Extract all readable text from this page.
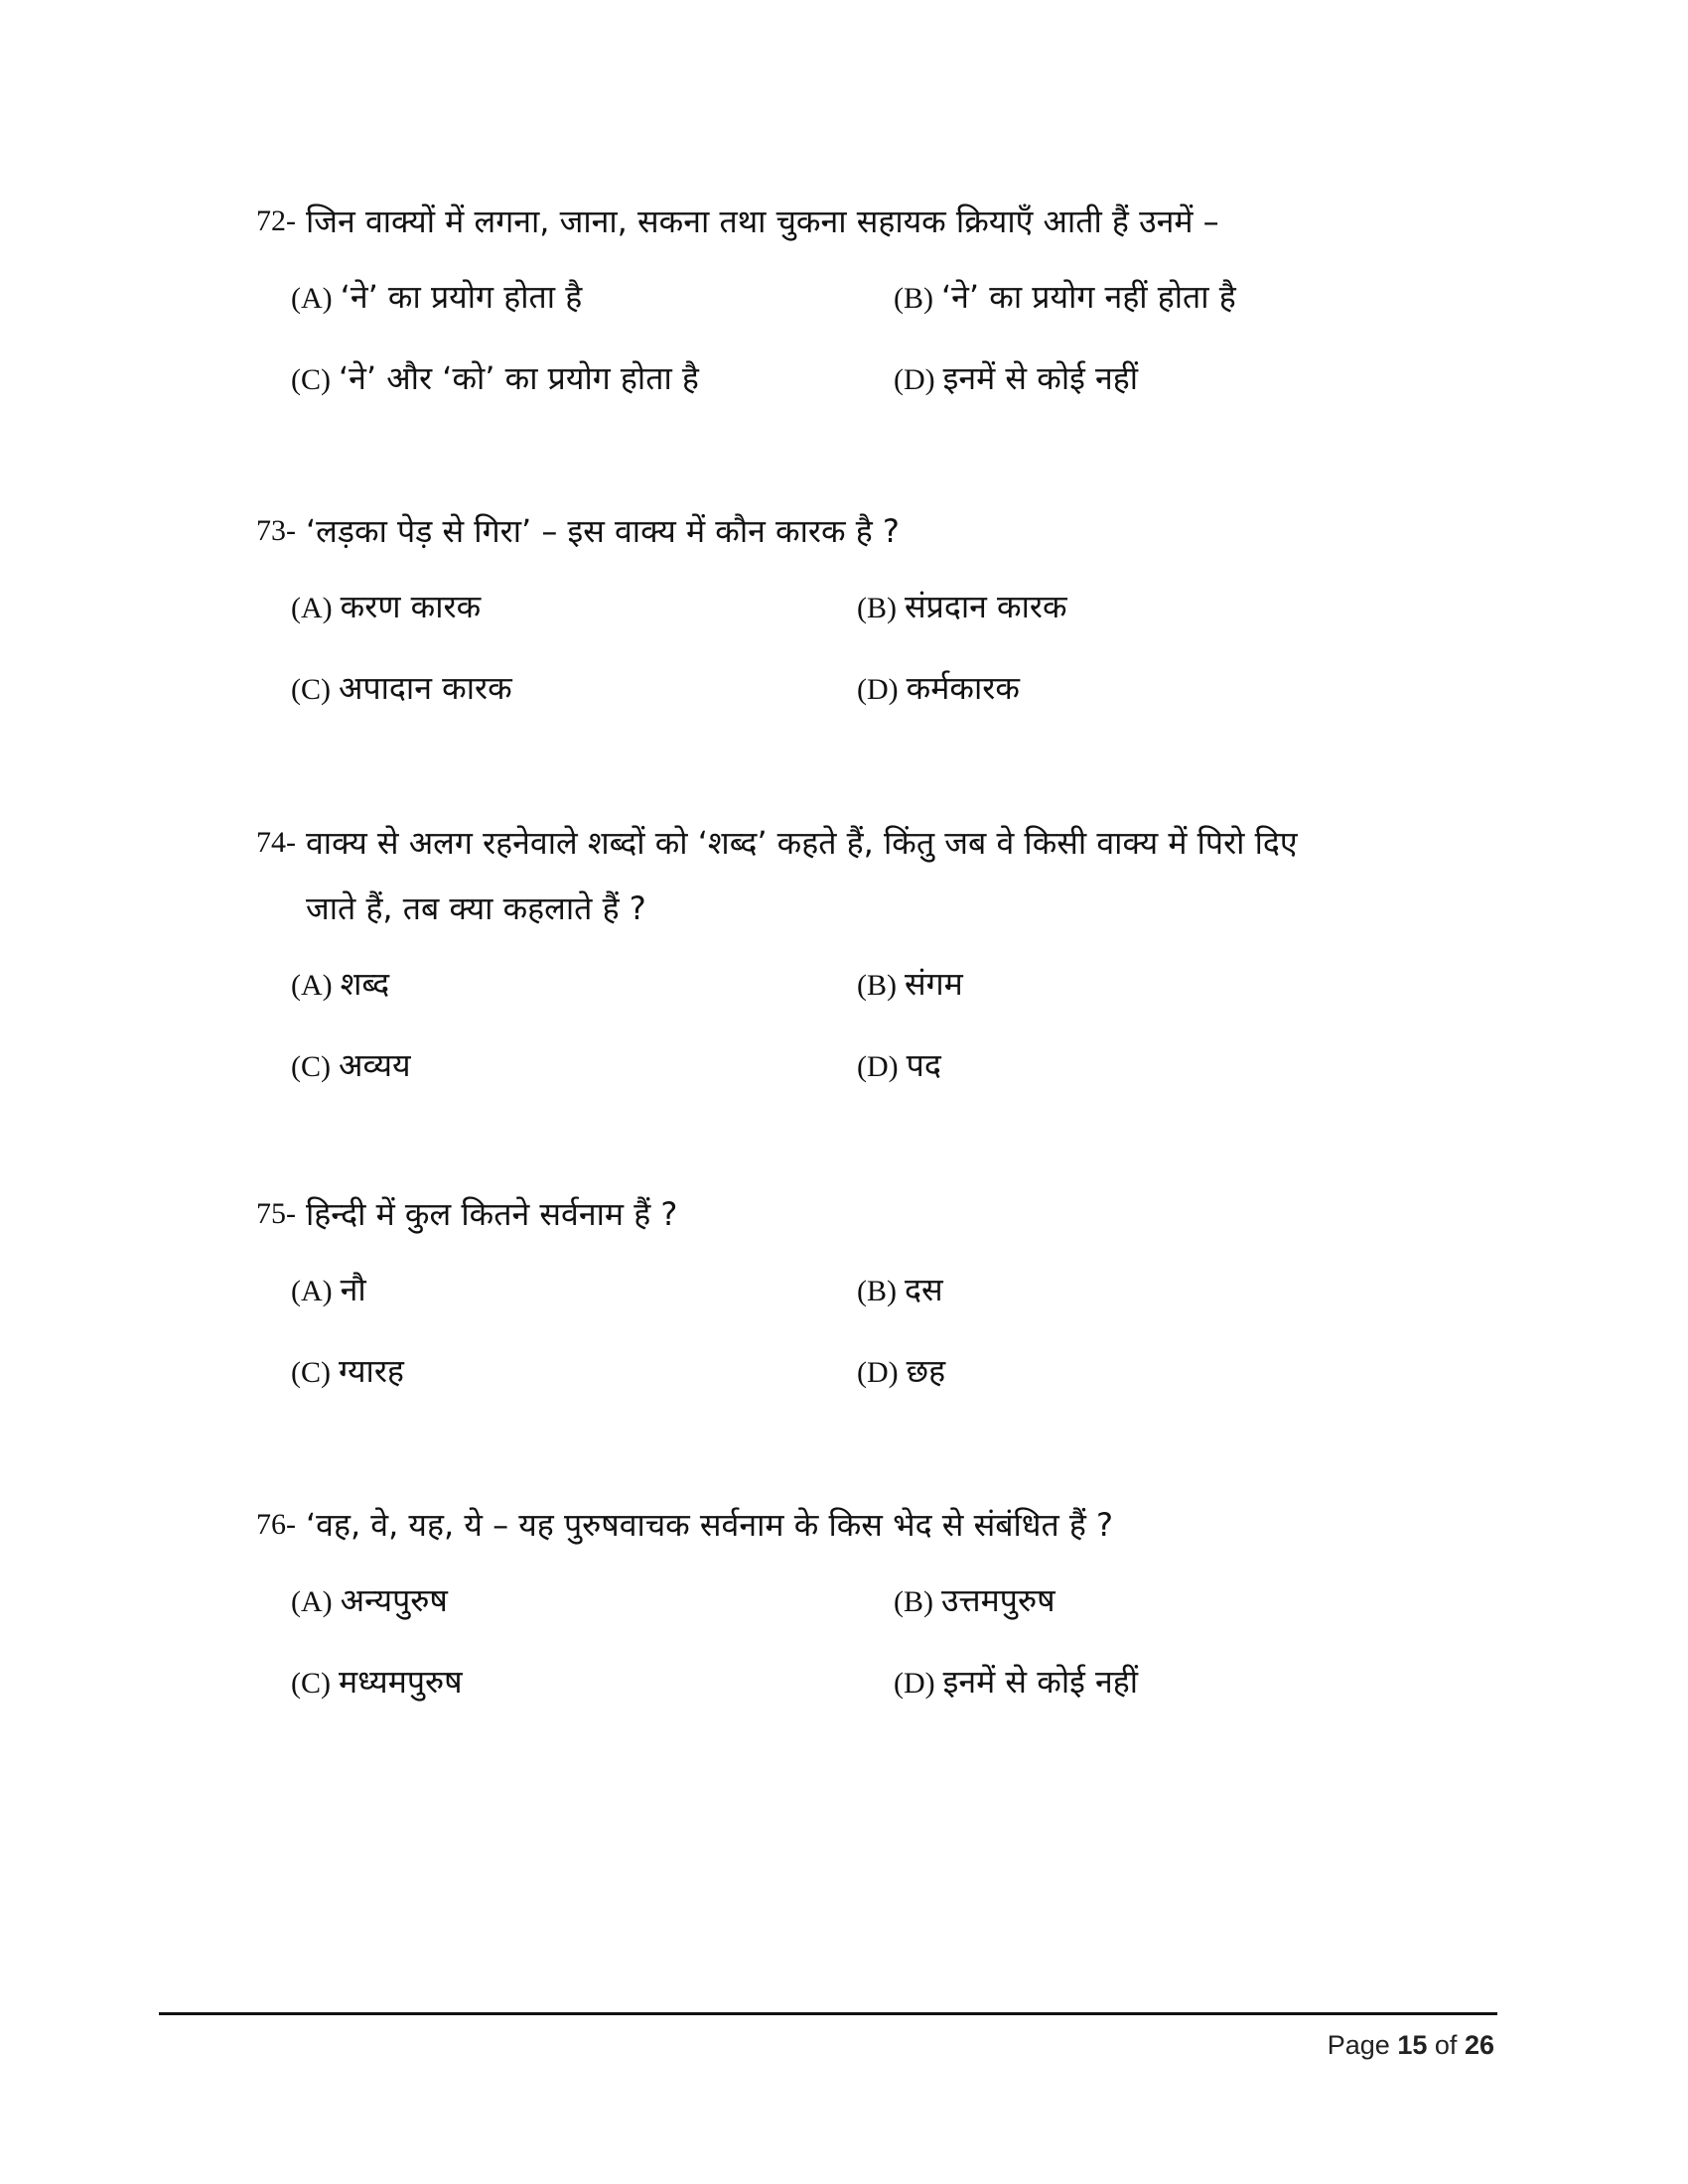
72- जिन वाक्यों में लगना, जाना, सकना तथा चुकना सहायक क्रियाएँ आती हैं उनमें –
(A) ‘ने’ का प्रयोग होता है	(B) ‘ने’ का प्रयोग नहीं होता है
(C) ‘ने’ और ‘को’ का प्रयोग होता है	(D) इनमें से कोई नहीं
73- ‘लड़का पेड़ से गिरा’ – इस वाक्य में कौन कारक है ?
(A) करण कारक	(B) संप्रदान कारक
(C) अपादान कारक	(D) कर्मकारक
74- वाक्य से अलग रहनेवाले शब्दों को ‘शब्द’ कहते हैं, किंतु जब वे किसी वाक्य में पिरो दिए
जाते हैं, तब क्या कहलाते हैं ?
(A) शब्द	(B) संगम
(C) अव्यय	(D) पद
75- हिन्दी में कुल कितने सर्वनाम हैं ?
(A) नौ	(B) दस
(C) ग्यारह	(D) छह
76- ‘वह, वे, यह, ये – यह पुरुषवाचक सर्वनाम के किस भेद से संबंधित हैं ?
(A) अन्यपुरुष	(B) उत्तमपुरुष
(C) मध्यमपुरुष	(D) इनमें से कोई नहीं
Page 15 of 26
